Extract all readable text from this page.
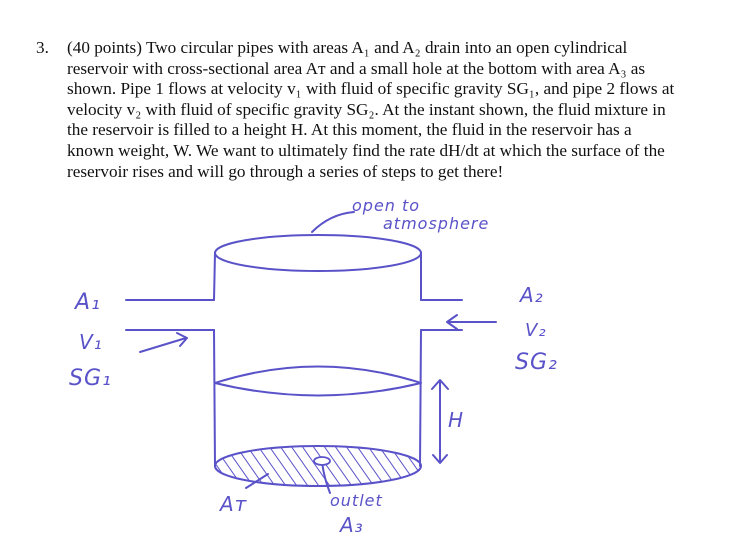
3. (40 points) Two circular pipes with areas A₁ and A₂ drain into an open cylindrical
reservoir with cross-sectional area Aᴛ and a small hole at the bottom with area A₃ as
shown. Pipe 1 flows at velocity v₁ with fluid of specific gravity SG₁, and pipe 2 flows at
velocity v₂ with fluid of specific gravity SG₂. At the instant shown, the fluid mixture in
the reservoir is filled to a height H. At this moment, the fluid in the reservoir has a
known weight, W. We want to ultimately find the rate dH/dt at which the surface of the
reservoir rises and will go through a series of steps to get there!
open to
atmosphere
A₁
V₁
SG₁
A₂
V₂
SG₂
H
Aᴛ	outlet
A₃
